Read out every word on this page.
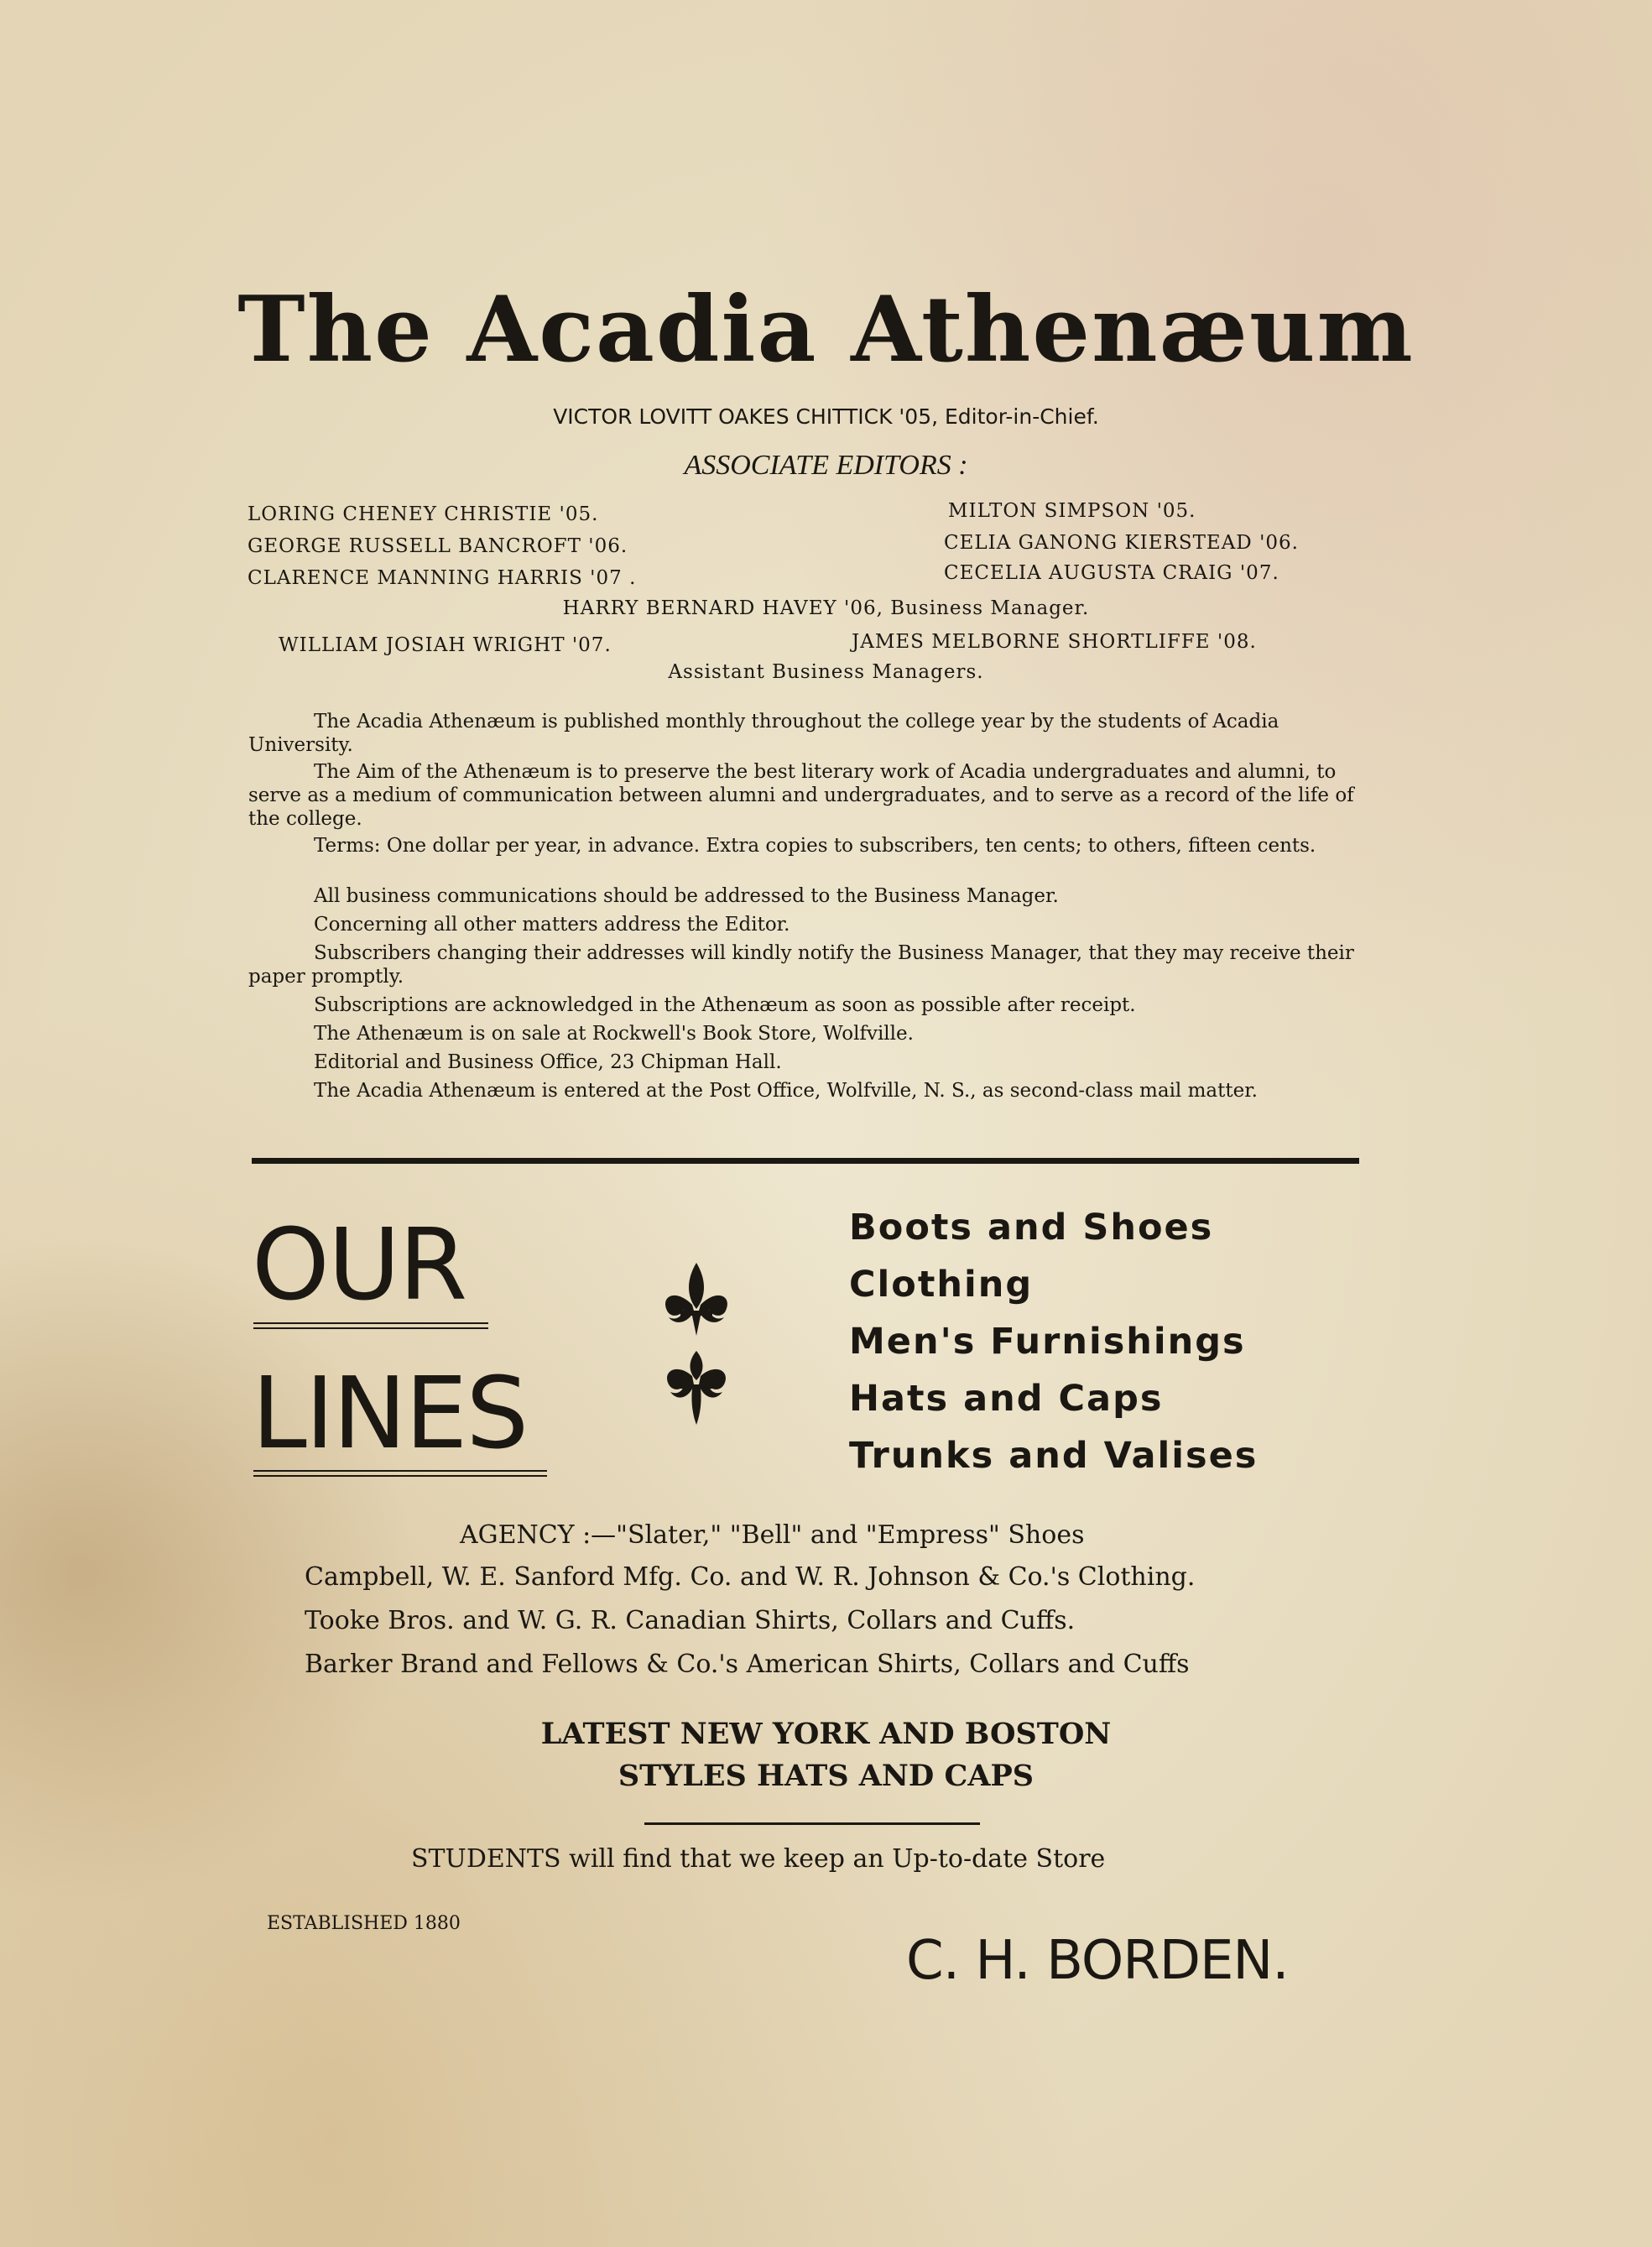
The Acadia Athenæum
VICTOR LOVITT OAKES CHITTICK '05, Editor-in-Chief.
ASSOCIATE EDITORS :
LORING CHENEY CHRISTIE '05.
GEORGE RUSSELL BANCROFT '06.
CLARENCE MANNING HARRIS '07 .
MILTON SIMPSON '05.
CELIA GANONG KIERSTEAD '06.
CECELIA AUGUSTA CRAIG '07.
HARRY BERNARD HAVEY '06, Business Manager.
WILLIAM JOSIAH WRIGHT '07.	JAMES MELBORNE SHORTLIFFE '08.
Assistant Business Managers.
The Acadia Athenæum is published monthly throughout the college year by the students of Acadia University.
The Aim of the Athenæum is to preserve the best literary work of Acadia undergraduates and alumni, to serve as a medium of communication between alumni and undergraduates, and to serve as a record of the life of the college.
Terms: One dollar per year, in advance. Extra copies to subscribers, ten cents; to others, fifteen cents.
All business communications should be addressed to the Business Manager.
Concerning all other matters address the Editor.
Subscribers changing their addresses will kindly notify the Business Manager, that they may receive their paper promptly.
Subscriptions are acknowledged in the Athenæum as soon as possible after receipt.
The Athenæum is on sale at Rockwell's Book Store, Wolfville.
Editorial and Business Office, 23 Chipman Hall.
The Acadia Athenæum is entered at the Post Office, Wolfville, N. S., as second-class mail matter.
OUR
LINES
Boots and Shoes
Clothing
Men's Furnishings
Hats and Caps
Trunks and Valises
AGENCY :—"Slater," "Bell" and "Empress" Shoes
Campbell, W. E. Sanford Mfg. Co. and W. R. Johnson & Co.'s Clothing.
Tooke Bros. and W. G. R. Canadian Shirts, Collars and Cuffs.
Barker Brand and Fellows & Co.'s American Shirts, Collars and Cuffs
LATEST NEW YORK AND BOSTON
STYLES HATS AND CAPS
STUDENTS will find that we keep an Up-to-date Store
ESTABLISHED 1880
C. H. BORDEN.
